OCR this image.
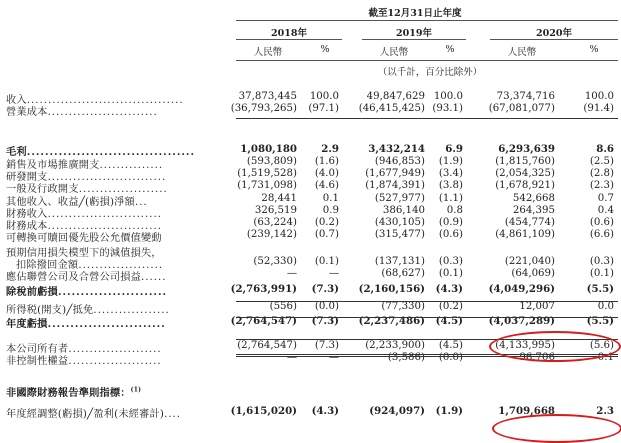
截至12月31日止年度
2018年	2019年	2020年
人民幣	%	人民幣	%	人民幣	%
（以千計，百分比除外）
收入.....................................	37,873,445	100.0	49,847,629 100.0	73,374,716	100.0
營業成本..........................	(36,793,265)	(97.1)	(46,415,425) (93.1)	(67,081,077)	(91.4)
毛利.....................................	1,080,180	2.9	3,432,214	6.9	6,293,639	8.6
銷售及市場推廣開支...............	(593,809)	(1.6)	(946,853)	(1.9)	(1,815,760)	(2.5)
研發開支............................	(1,519,528)	(4.0)	(1,677,949)	(3.4)	(2,054,325)	(2.8)
一般及行政開支.....................	(1,731,098)	(4.6)	(1,874,391)	(3.8)	(1,678,921)	(2.3)
其他收入、收益╱(虧損)淨額...	28,441	0.1	(527,977)	(1.1)	542,668	0.7
財務收入...........................	326,519	0.9	386,140	0.8	264,395	0.4
財務成本...........................	(63,224)	(0.2)	(430,105)	(0.9)	(454,774)	(0.6)
可轉換可贖回優先股公允價值變動	(239,142)	(0.7)	(315,477)	(0.6)	(4,861,109)	(6.6)
預期信用損失模型下的減值損失，
扣除撥回金額....................	(52,330)	(0.1)	(137,131)	(0.3)	(221,040)	(0.3)
應佔聯營公司及合營公司損益......	—	—	(68,627)	(0.1)	(64,069)	(0.1)
除稅前虧損........................	(2,763,991)	(7.3)	(2,160,156)	(4.3)	(4,049,296)	(5.5)
所得税(開支)╱抵免..................	(556)	(0.0)	(77,330)	(0.2)	12,007	0.0
年度虧損..........................	(2,764,547)	(7.3)	(2,237,486)	(4.5)	(4,037,289)	(5.5)
本公司所有者......................	(2,764,547)	(7.3)	(2,233,900)	(4.5)	(4,133,995)	(5.6)
非控制性權益......................	—	—	(3,586)	(0.0)	96,706	0.1
非國際財務報告準則指標：$^{(1)}$
年度經調整(虧損)╱盈利(未經審計)....	(1,615,020)	(4.3)	(924,097)	(1.9)	1,709,668	2.3
